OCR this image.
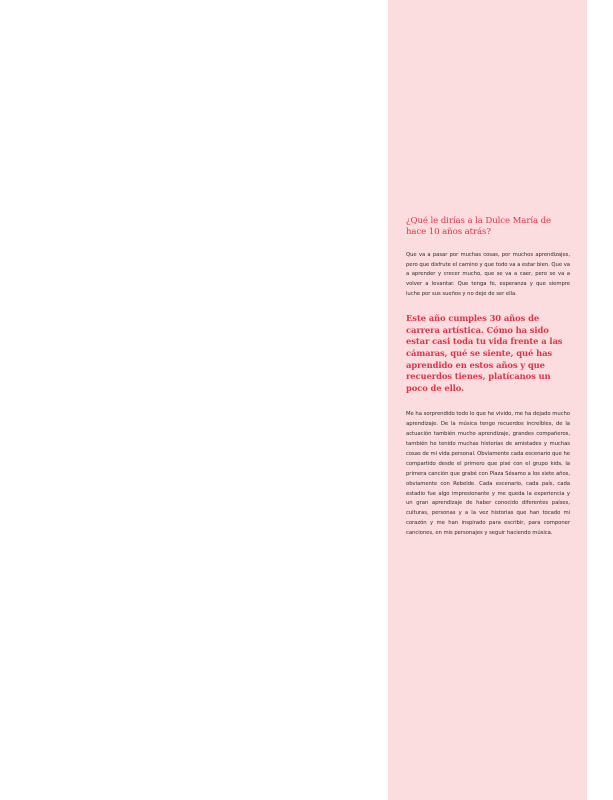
¿Qué le dirías a la Dulce María de hace 10 años atrás?

Que va a pasar por muchas cosas, por muchos aprendizajes, pero que disfrute el camino y que todo va a estar bien. Que va a aprender y crecer mucho, que se va a caer, pero se va a volver a levantar. Que tenga fe, esperanza y que siempre luche por sus sueños y no deje de ser ella.

Este año cumples 30 años de carrera artística. Cómo ha sido estar casi toda tu vida frente a las cámaras, qué se siente, qué has aprendido en estos años y que recuerdos tienes, platícanos un poco de ello.

Me ha sorprendido todo lo que he vivido, me ha dejado mucho aprendizaje. De la música tengo recuerdos increíbles, de la actuación también mucho aprendizaje, grandes compañeros, también he tenido muchas historias de amistades y muchas cosas de mi vida personal. Obviamente cada escenario que he compartido desde el primero que pisé con el grupo kids, la primera canción que grabé con Plaza Sésamo a los siete años, obviamente con Rebelde. Cada escenario, cada país, cada estadio fue algo impresionante y me queda la experiencia y un gran aprendizaje de haber conocido diferentes países, culturas, personas y a la vez historias que han tocado mi corazón y me han inspirado para escribir, para componer canciones, en mis personajes y seguir haciendo música.
